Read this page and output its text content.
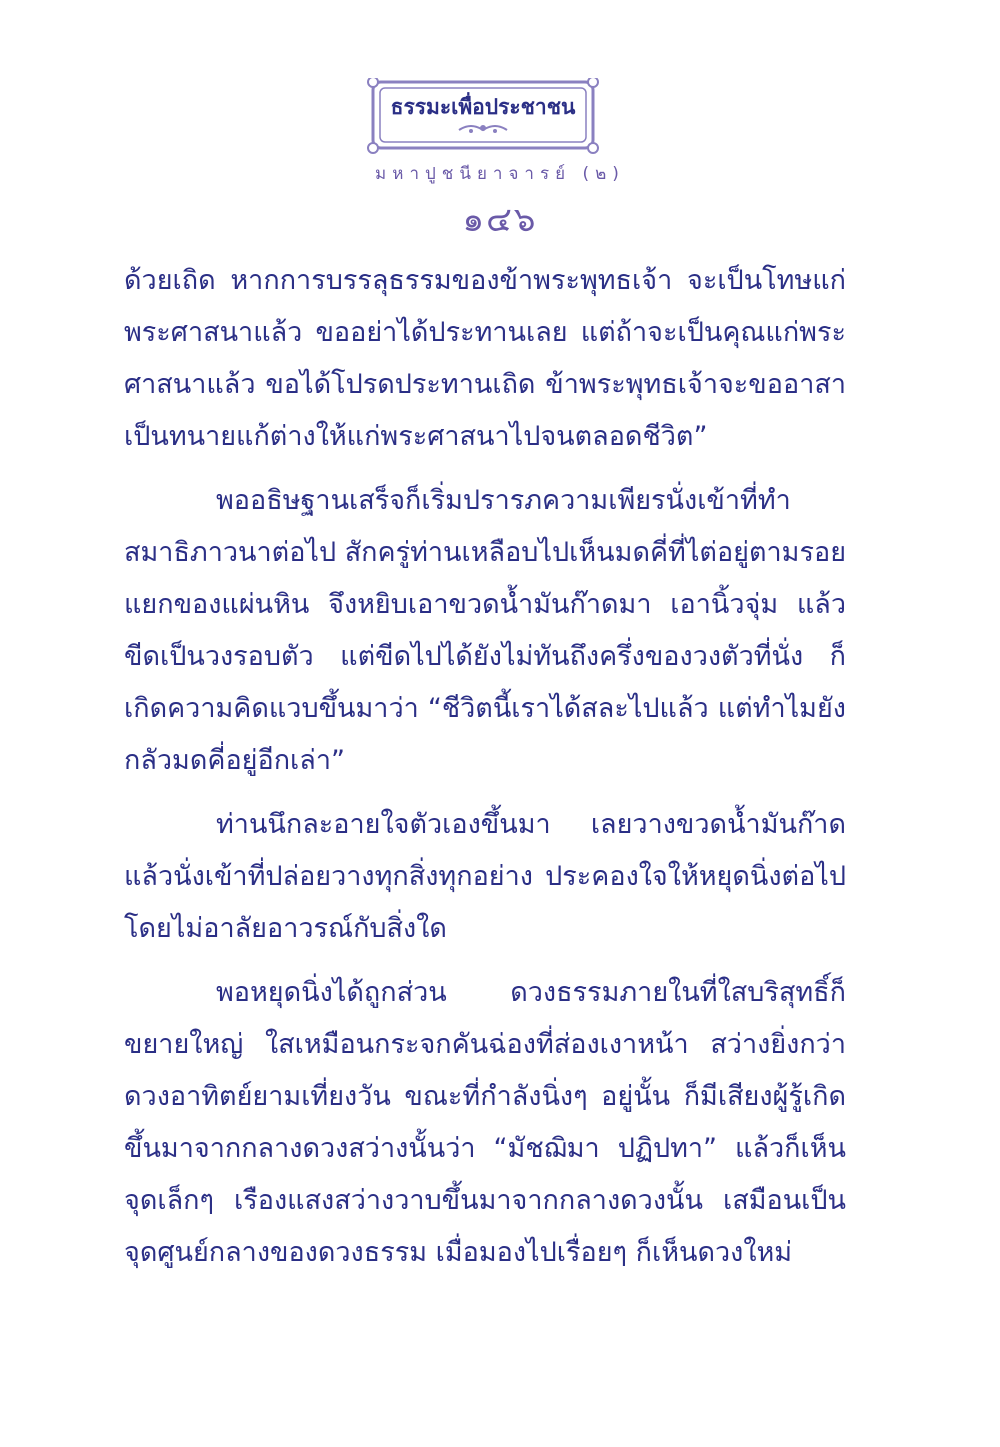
ธรรมะเพื่อประชาชน
มหาปูชนียาจารย์ (๒)
๑๔๖

ด้วยเถิด หากการบรรลุธรรมของข้าพระพุทธเจ้า จะเป็นโทษแก่พระศาสนาแล้ว ขออย่าได้ประทานเลย แต่ถ้าจะเป็นคุณแก่พระศาสนาแล้ว ขอได้โปรดประทานเถิด ข้าพระพุทธเจ้าจะขออาสาเป็นทนายแก้ต่างให้แก่พระศาสนาไปจนตลอดชีวิต”

พออธิษฐานเสร็จก็เริ่มปรารภความเพียรนั่งเข้าที่ทำสมาธิภาวนาต่อไป สักครู่ท่านเหลือบไปเห็นมดคี่ที่ไต่อยู่ตามรอยแยกของแผ่นหิน จึงหยิบเอาขวดน้ำมันก๊าดมา เอานิ้วจุ่ม แล้วขีดเป็นวงรอบตัว แต่ขีดไปได้ยังไม่ทันถึงครึ่งของวงตัวที่นั่ง ก็เกิดความคิดแวบขึ้นมาว่า “ชีวิตนี้เราได้สละไปแล้ว แต่ทำไมยังกลัวมดคี่อยู่อีกเล่า”

ท่านนึกละอายใจตัวเองขึ้นมา เลยวางขวดน้ำมันก๊าดแล้วนั่งเข้าที่ปล่อยวางทุกสิ่งทุกอย่าง ประคองใจให้หยุดนิ่งต่อไปโดยไม่อาลัยอาวรณ์กับสิ่งใด

พอหยุดนิ่งได้ถูกส่วน ดวงธรรมภายในที่ใสบริสุทธิ์ก็ขยายใหญ่ ใสเหมือนกระจกคันฉ่องที่ส่องเงาหน้า สว่างยิ่งกว่าดวงอาทิตย์ยามเที่ยงวัน ขณะที่กำลังนิ่งๆ อยู่นั้น ก็มีเสียงผู้รู้เกิดขึ้นมาจากกลางดวงสว่างนั้นว่า “มัชฌิมา ปฏิปทา” แล้วก็เห็นจุดเล็กๆ เรืองแสงสว่างวาบขึ้นมาจากกลางดวงนั้น เสมือนเป็นจุดศูนย์กลางของดวงธรรม เมื่อมองไปเรื่อยๆ ก็เห็นดวงใหม่
